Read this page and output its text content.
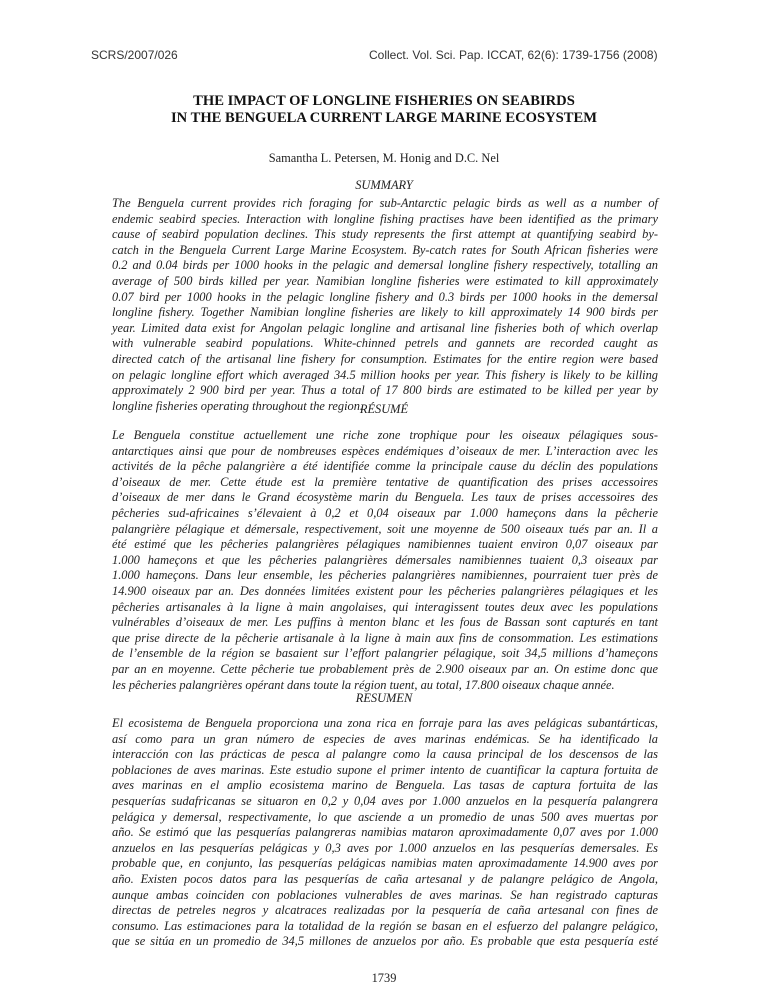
SCRS/2007/026	Collect. Vol. Sci. Pap. ICCAT, 62(6): 1739-1756 (2008)
THE IMPACT OF LONGLINE FISHERIES ON SEABIRDS
IN THE BENGUELA CURRENT LARGE MARINE ECOSYSTEM
Samantha L. Petersen, M. Honig and D.C. Nel
SUMMARY
The Benguela current provides rich foraging for sub-Antarctic pelagic birds as well as a number of
endemic seabird species. Interaction with longline fishing practises have been identified as the primary
cause of seabird population declines. This study represents the first attempt at quantifying seabird by-
catch in the Benguela Current Large Marine Ecosystem. By-catch rates for South African fisheries were
0.2 and 0.04 birds per 1000 hooks in the pelagic and demersal longline fishery respectively, totalling an
average of 500 birds killed per year. Namibian longline fisheries were estimated to kill approximately
0.07 bird per 1000 hooks in the pelagic longline fishery and 0.3 birds per 1000 hooks in the demersal
longline fishery. Together Namibian longline fisheries are likely to kill approximately 14 900 birds per
year. Limited data exist for Angolan pelagic longline and artisanal line fisheries both of which overlap
with vulnerable seabird populations. White-chinned petrels and gannets are recorded caught as
directed catch of the artisanal line fishery for consumption. Estimates for the entire region were based
on pelagic longline effort which averaged 34.5 million hooks per year. This fishery is likely to be killing
approximately 2 900 bird per year. Thus a total of 17 800 birds are estimated to be killed per year by
longline fisheries operating throughout the region.
RÉSUMÉ
Le Benguela constitue actuellement une riche zone trophique pour les oiseaux pélagiques sous-
antarctiques ainsi que pour de nombreuses espèces endémiques d’oiseaux de mer. L’interaction avec les
activités de la pêche palangrière a été identifiée comme la principale cause du déclin des populations
d’oiseaux de mer. Cette étude est la première tentative de quantification des prises accessoires
d’oiseaux de mer dans le Grand écosystème marin du Benguela. Les taux de prises accessoires des
pêcheries sud-africaines s’élevaient à 0,2 et 0,04 oiseaux par 1.000 hameçons dans la pêcherie
palangrière pélagique et démersale, respectivement, soit une moyenne de 500 oiseaux tués par an. Il a
été estimé que les pêcheries palangrières pélagiques namibiennes tuaient environ 0,07 oiseaux par
1.000 hameçons et que les pêcheries palangrières démersales namibiennes tuaient 0,3 oiseaux par
1.000 hameçons. Dans leur ensemble, les pêcheries palangrières namibiennes, pourraient tuer près de
14.900 oiseaux par an. Des données limitées existent pour les pêcheries palangrières pélagiques et les
pêcheries artisanales à la ligne à main angolaises, qui interagissent toutes deux avec les populations
vulnérables d’oiseaux de mer. Les puffins à menton blanc et les fous de Bassan sont capturés en tant
que prise directe de la pêcherie artisanale à la ligne à main aux fins de consommation. Les estimations
de l’ensemble de la région se basaient sur l’effort palangrier pélagique, soit 34,5 millions d’hameçons
par an en moyenne. Cette pêcherie tue probablement près de 2.900 oiseaux par an. On estime donc que
les pêcheries palangrières opérant dans toute la région tuent, au total, 17.800 oiseaux chaque année.
RESUMEN
El ecosistema de Benguela proporciona una zona rica en forraje para las aves pelágicas subantárticas,
así como para un gran número de especies de aves marinas endémicas. Se ha identificado la
interacción con las prácticas de pesca al palangre como la causa principal de los descensos de las
poblaciones de aves marinas. Este estudio supone el primer intento de cuantificar la captura fortuita de
aves marinas en el amplio ecosistema marino de Benguela. Las tasas de captura fortuita de las
pesquerías sudafricanas se situaron en 0,2 y 0,04 aves por 1.000 anzuelos en la pesquería palangrera
pelágica y demersal, respectivamente, lo que asciende a un promedio de unas 500 aves muertas por
año. Se estimó que las pesquerías palangreras namibias mataron aproximadamente 0,07 aves por 1.000
anzuelos en las pesquerías pelágicas y 0,3 aves por 1.000 anzuelos en las pesquerías demersales. Es
probable que, en conjunto, las pesquerías pelágicas namibias maten aproximadamente 14.900 aves por
año. Existen pocos datos para las pesquerías de caña artesanal y de palangre pelágico de Angola,
aunque ambas coinciden con poblaciones vulnerables de aves marinas. Se han registrado capturas
directas de petreles negros y alcatraces realizadas por la pesquería de caña artesanal con fines de
consumo. Las estimaciones para la totalidad de la región se basan en el esfuerzo del palangre pelágico,
que se sitúa en un promedio de 34,5 millones de anzuelos por año. Es probable que esta pesquería esté
1739
